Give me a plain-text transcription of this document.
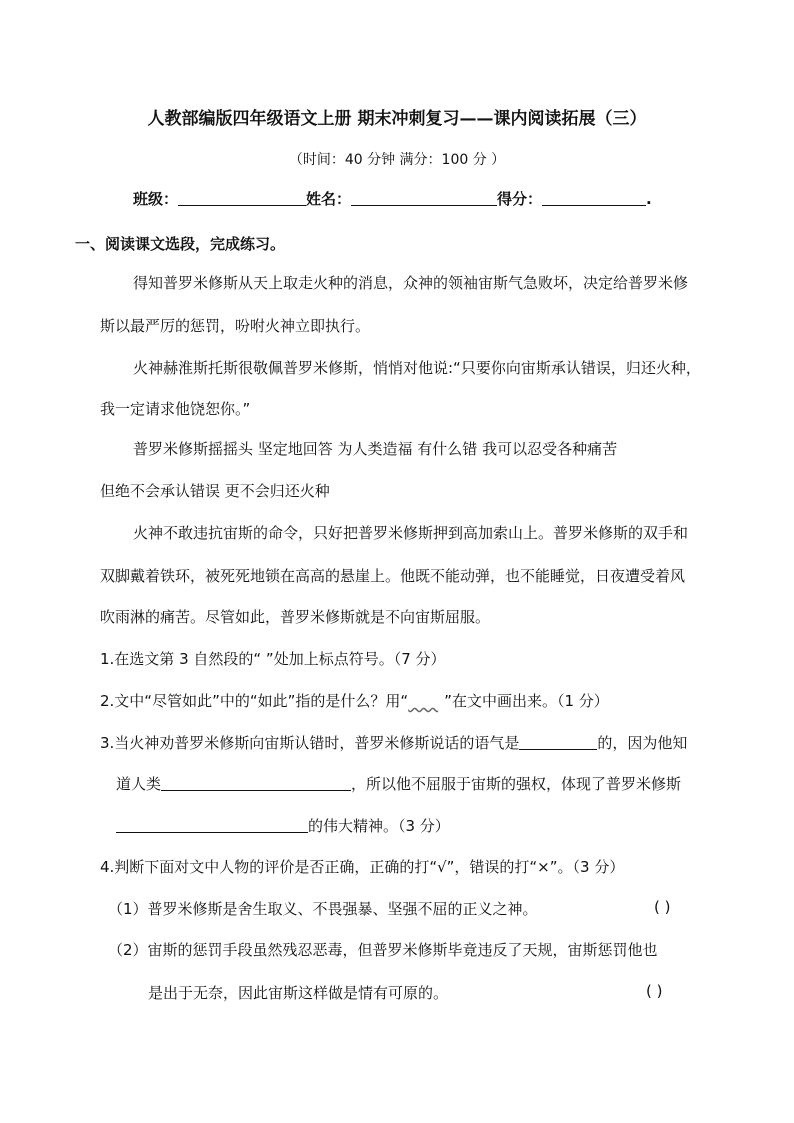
人教部编版四年级语文上册 期末冲刺复习——课内阅读拓展（三）
（时间：40 分钟 满分：100 分 ）
班级：	姓名：	得分：	.
一、阅读课文选段，完成练习。
得知普罗米修斯从天上取走火种的消息，众神的领袖宙斯气急败坏，决定给普罗米修
斯以最严厉的惩罚，吩咐火神立即执行。
火神赫淮斯托斯很敬佩普罗米修斯，悄悄对他说:“只要你向宙斯承认错误，归还火种，
我一定请求他饶恕你。”
普罗米修斯摇摇头 坚定地回答 为人类造福 有什么错 我可以忍受各种痛苦
但绝不会承认错误 更不会归还火种
火神不敢违抗宙斯的命令，只好把普罗米修斯押到高加索山上。普罗米修斯的双手和
双脚戴着铁环，被死死地锁在高高的悬崖上。他既不能动弹，也不能睡觉，日夜遭受着风
吹雨淋的痛苦。尽管如此，普罗米修斯就是不向宙斯屈服。
1.在选文第 3 自然段的“ ”处加上标点符号。（7 分）
2.文中“尽管如此”中的“如此”指的是什么？用“ ”在文中画出来。（1 分）
3.当火神劝普罗米修斯向宙斯认错时，普罗米修斯说话的语气是	的，因为他知
道人类	，所以他不屈服于宙斯的强权，体现了普罗米修斯
的伟大精神。（3 分）
4.判断下面对文中人物的评价是否正确，正确的打“√”，错误的打“×”。（3 分）
（1）普罗米修斯是舍生取义、不畏强暴、坚强不屈的正义之神。	( )
（2）宙斯的惩罚手段虽然残忍恶毒，但普罗米修斯毕竟违反了天规，宙斯惩罚他也
是出于无奈，因此宙斯这样做是情有可原的。	( )
